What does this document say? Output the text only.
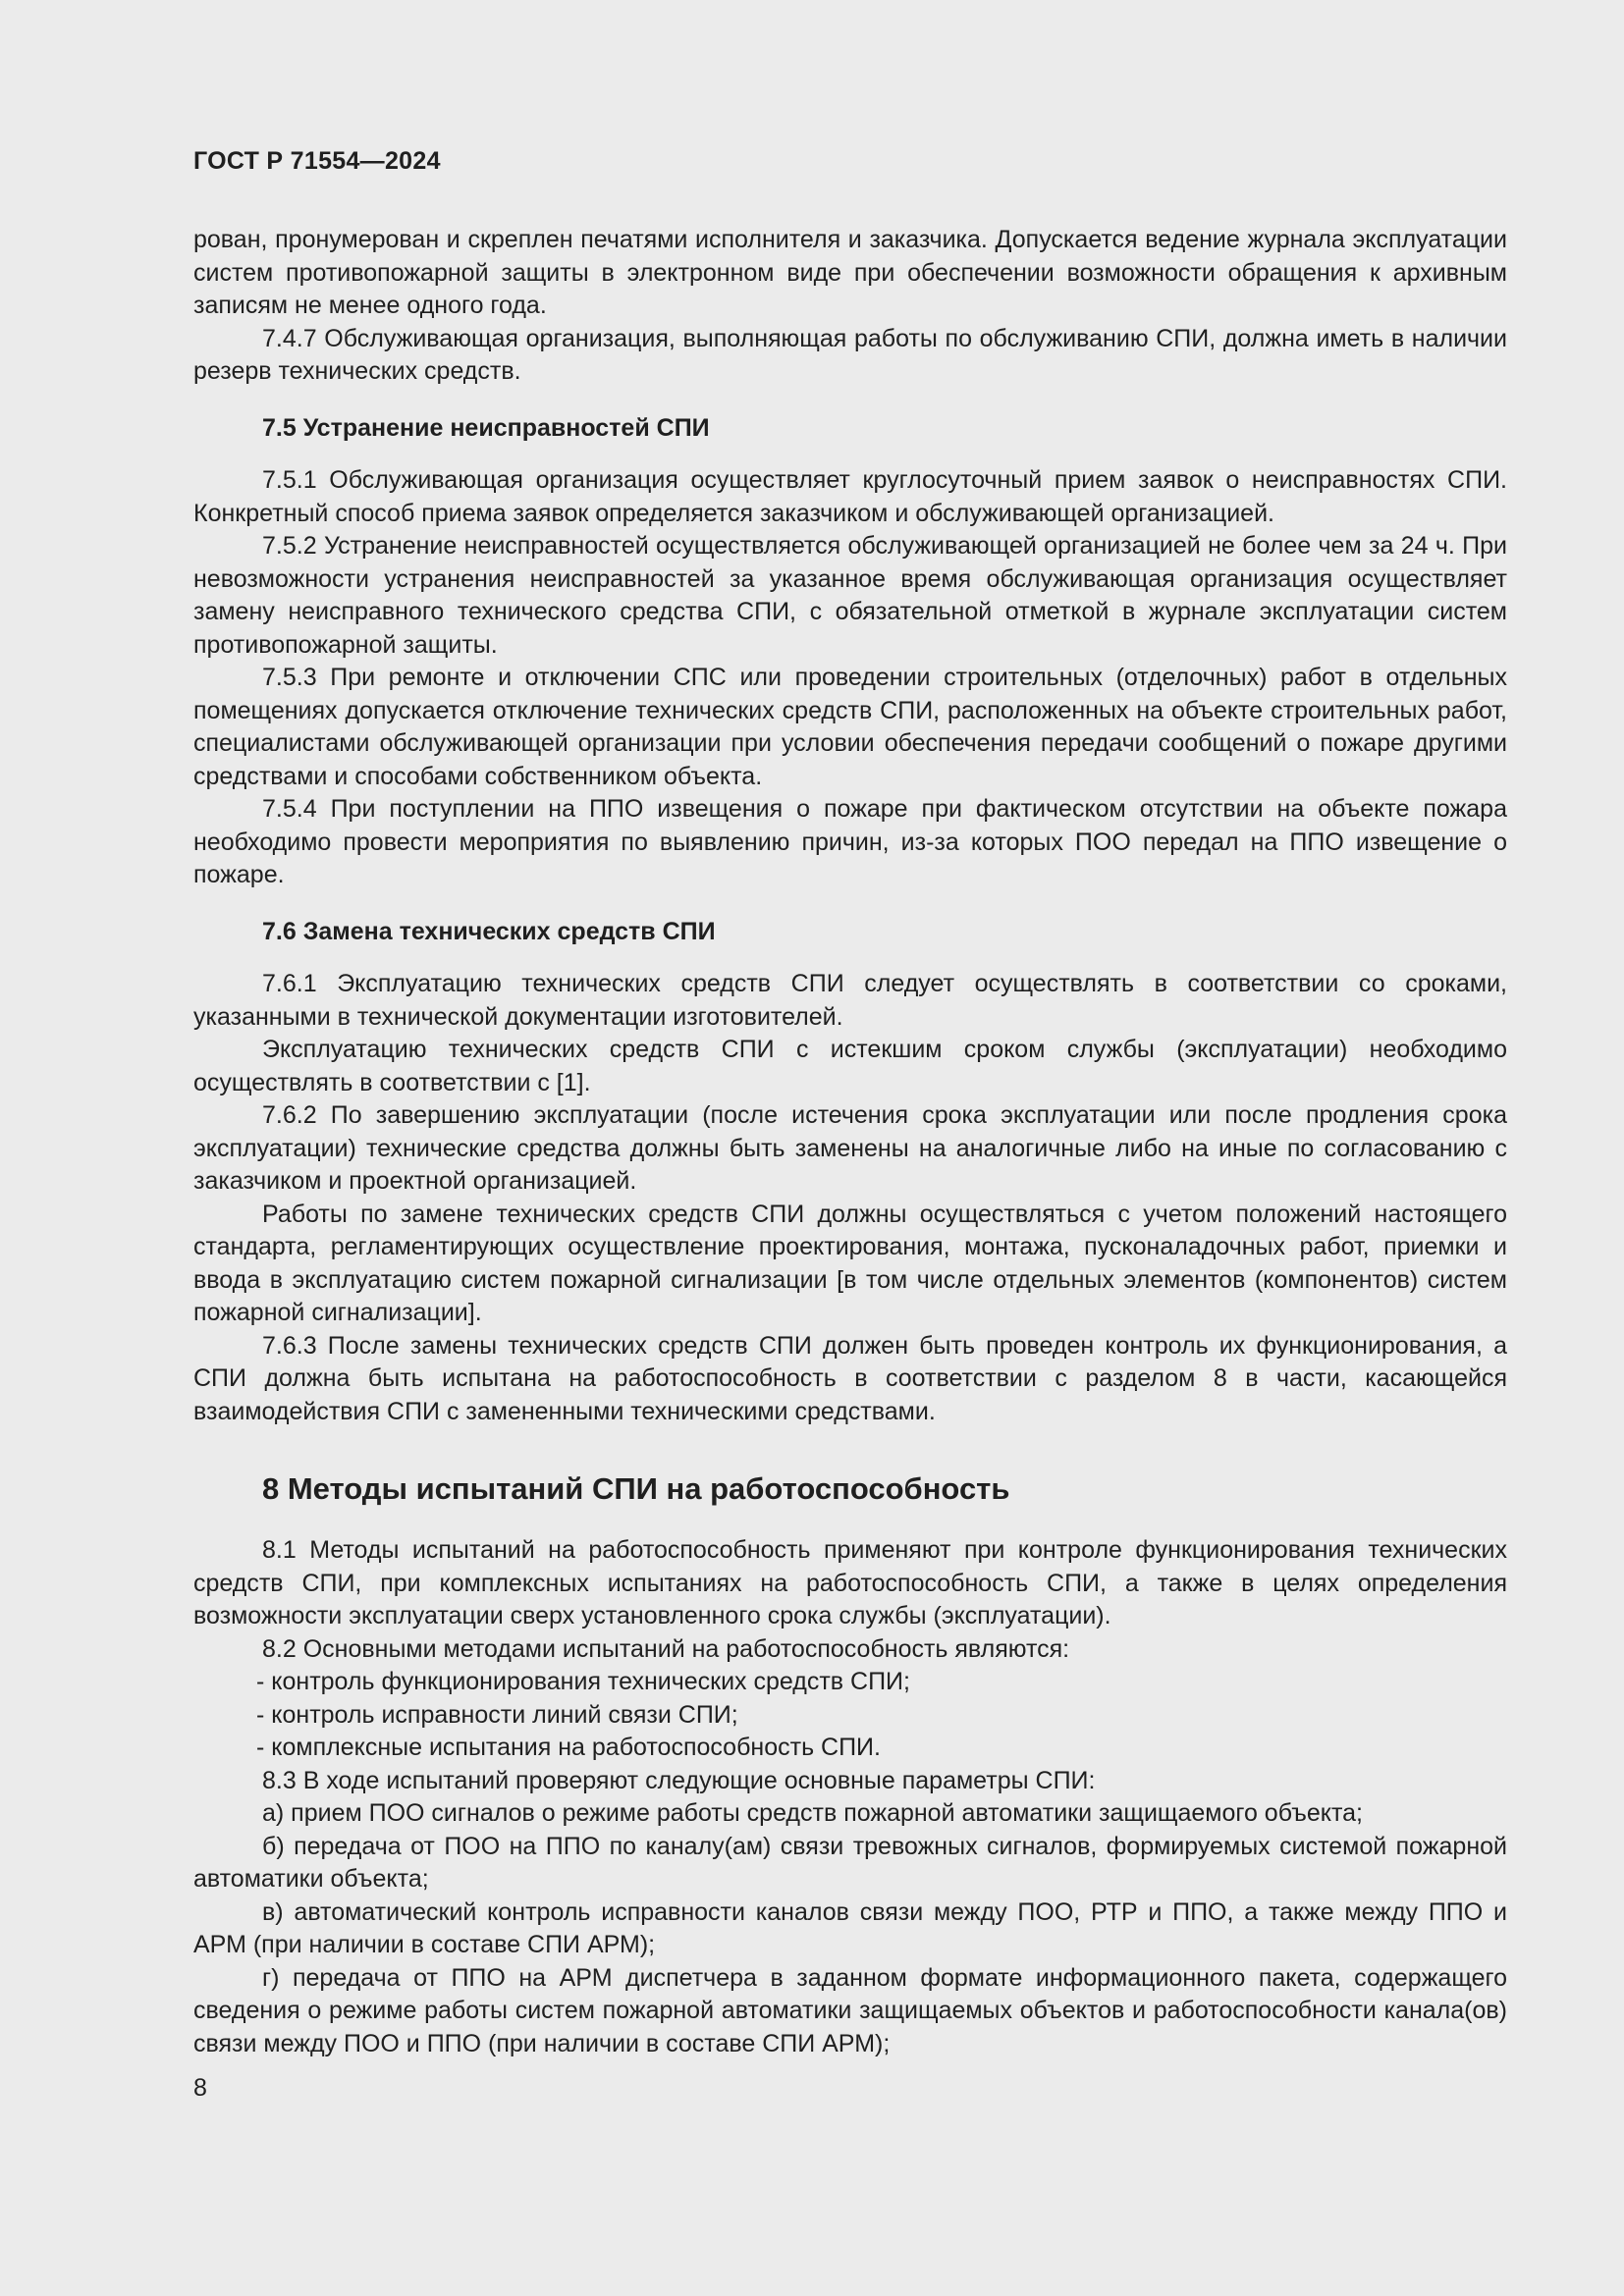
ГОСТ Р 71554—2024

рован, пронумерован и скреплен печатями исполнителя и заказчика. Допускается ведение журнала эксплуатации систем противопожарной защиты в электронном виде при обеспечении возможности обращения к архивным записям не менее одного года.

7.4.7 Обслуживающая организация, выполняющая работы по обслуживанию СПИ, должна иметь в наличии резерв технических средств.

7.5 Устранение неисправностей СПИ

7.5.1 Обслуживающая организация осуществляет круглосуточный прием заявок о неисправностях СПИ. Конкретный способ приема заявок определяется заказчиком и обслуживающей организацией.

7.5.2 Устранение неисправностей осуществляется обслуживающей организацией не более чем за 24 ч. При невозможности устранения неисправностей за указанное время обслуживающая организация осуществляет замену неисправного технического средства СПИ, с обязательной отметкой в журнале эксплуатации систем противопожарной защиты.

7.5.3 При ремонте и отключении СПС или проведении строительных (отделочных) работ в отдельных помещениях допускается отключение технических средств СПИ, расположенных на объекте строительных работ, специалистами обслуживающей организации при условии обеспечения передачи сообщений о пожаре другими средствами и способами собственником объекта.

7.5.4 При поступлении на ППО извещения о пожаре при фактическом отсутствии на объекте пожара необходимо провести мероприятия по выявлению причин, из-за которых ПОО передал на ППО извещение о пожаре.

7.6 Замена технических средств СПИ

7.6.1 Эксплуатацию технических средств СПИ следует осуществлять в соответствии со сроками, указанными в технической документации изготовителей.

Эксплуатацию технических средств СПИ с истекшим сроком службы (эксплуатации) необходимо осуществлять в соответствии с [1].

7.6.2 По завершению эксплуатации (после истечения срока эксплуатации или после продления срока эксплуатации) технические средства должны быть заменены на аналогичные либо на иные по согласованию с заказчиком и проектной организацией.

Работы по замене технических средств СПИ должны осуществляться с учетом положений настоящего стандарта, регламентирующих осуществление проектирования, монтажа, пусконаладочных работ, приемки и ввода в эксплуатацию систем пожарной сигнализации [в том числе отдельных элементов (компонентов) систем пожарной сигнализации].

7.6.3 После замены технических средств СПИ должен быть проведен контроль их функционирования, а СПИ должна быть испытана на работоспособность в соответствии с разделом 8 в части, касающейся взаимодействия СПИ с замененными техническими средствами.

8 Методы испытаний СПИ на работоспособность

8.1 Методы испытаний на работоспособность применяют при контроле функционирования технических средств СПИ, при комплексных испытаниях на работоспособность СПИ, а также в целях определения возможности эксплуатации сверх установленного срока службы (эксплуатации).

8.2 Основными методами испытаний на работоспособность являются:

- контроль функционирования технических средств СПИ;

- контроль исправности линий связи СПИ;

- комплексные испытания на работоспособность СПИ.

8.3 В ходе испытаний проверяют следующие основные параметры СПИ:

а) прием ПОО сигналов о режиме работы средств пожарной автоматики защищаемого объекта;

б) передача от ПОО на ППО по каналу(ам) связи тревожных сигналов, формируемых системой пожарной автоматики объекта;

в) автоматический контроль исправности каналов связи между ПОО, РТР и ППО, а также между ППО и АРМ (при наличии в составе СПИ АРМ);

г) передача от ППО на АРМ диспетчера в заданном формате информационного пакета, содержащего сведения о режиме работы систем пожарной автоматики защищаемых объектов и работоспособности канала(ов) связи между ПОО и ППО (при наличии в составе СПИ АРМ);

8
